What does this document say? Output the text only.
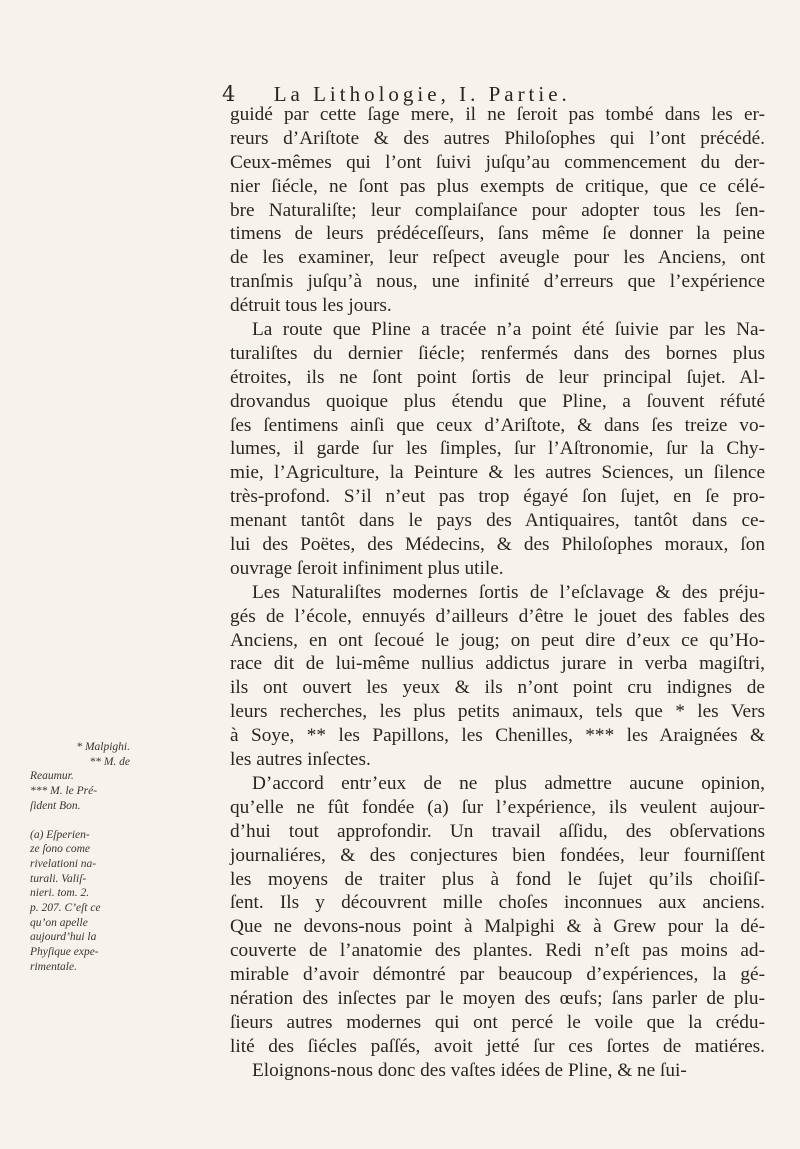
4 La Lithologie, I. Partie.
guidé par cette ſage mere, il ne ſeroit pas tombé dans les er-
reurs d’Ariſtote & des autres Philoſophes qui l’ont précédé.
Ceux-mêmes qui l’ont ſuivi juſqu’au commencement du der-
nier ſiécle, ne ſont pas plus exempts de critique, que ce célé-
bre Naturaliſte; leur complaiſance pour adopter tous les ſen-
timens de leurs prédéceſſeurs, ſans même ſe donner la peine
de les examiner, leur reſpect aveugle pour les Anciens, ont
tranſmis juſqu’à nous, une infinité d’erreurs que l’expérience
détruit tous les jours.
La route que Pline a tracée n’a point été ſuivie par les Na-
turaliſtes du dernier ſiécle; renfermés dans des bornes plus
étroites, ils ne ſont point ſortis de leur principal ſujet. Al-
drovandus quoique plus étendu que Pline, a ſouvent réfuté
ſes ſentimens ainſi que ceux d’Ariſtote, & dans ſes treize vo-
lumes, il garde ſur les ſimples, ſur l’Aſtronomie, ſur la Chy-
mie, l’Agriculture, la Peinture & les autres Sciences, un ſilence
très-profond. S’il n’eut pas trop égayé ſon ſujet, en ſe pro-
menant tantôt dans le pays des Antiquaires, tantôt dans ce-
lui des Poëtes, des Médecins, & des Philoſophes moraux, ſon
ouvrage ſeroit infiniment plus utile.
Les Naturaliſtes modernes ſortis de l’eſclavage & des préju-
gés de l’école, ennuyés d’ailleurs d’être le jouet des fables des
Anciens, en ont ſecoué le joug; on peut dire d’eux ce qu’Ho-
race dit de lui-même nullius addictus jurare in verba magiſtri,
ils ont ouvert les yeux & ils n’ont point cru indignes de
leurs recherches, les plus petits animaux, tels que * les Vers
à Soye, ** les Papillons, les Chenilles, *** les Araignées &
les autres inſectes.
D’accord entr’eux de ne plus admettre aucune opinion,
qu’elle ne fût fondée (a) ſur l’expérience, ils veulent aujour-
d’hui tout approfondir. Un travail aſſidu, des obſervations
journaliéres, & des conjectures bien fondées, leur fourniſſent
les moyens de traiter plus à fond le ſujet qu’ils choiſiſ-
ſent. Ils y découvrent mille choſes inconnues aux anciens.
Que ne devons-nous point à Malpighi & à Grew pour la dé-
couverte de l’anatomie des plantes. Redi n’eſt pas moins ad-
mirable d’avoir démontré par beaucoup d’expériences, la gé-
nération des inſectes par le moyen des œufs; ſans parler de plu-
ſieurs autres modernes qui ont percé le voile que la crédu-
lité des ſiécles paſſés, avoit jetté ſur ces ſortes de matiéres.
Eloignons-nous donc des vaſtes idées de Pline, & ne ſui-
* Malpighi.
** M. de
Reaumur.
*** M. le Pré-
ſident Bon.
(a) Eſperien-
ze ſono come
rivelationi na-
turali. Valiſ-
nieri. tom. 2.
p. 207. C’eſt ce
qu’on apelle
aujourd’hui la
Phyſique expe-
rimentale.
